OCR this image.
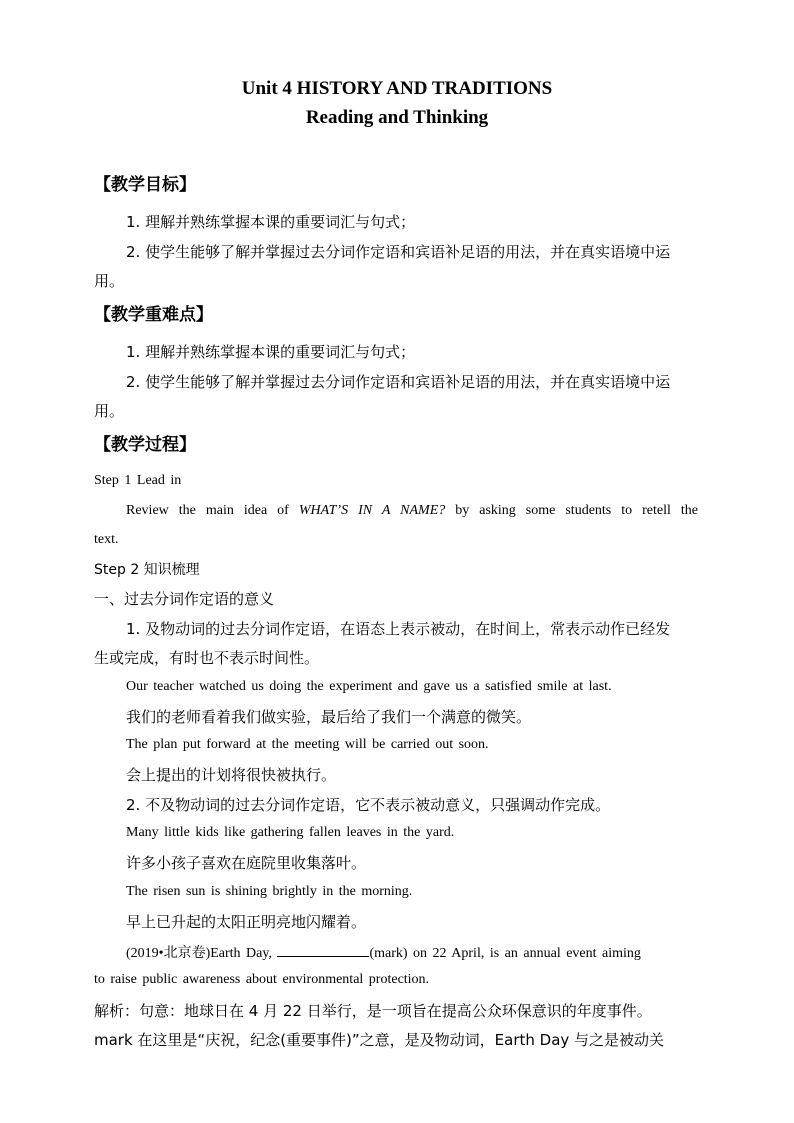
Unit 4 HISTORY AND TRADITIONS
Reading and Thinking
【教学目标】
1. 理解并熟练掌握本课的重要词汇与句式；
2. 使学生能够了解并掌握过去分词作定语和宾语补足语的用法，并在真实语境中运
用。
【教学重难点】
1. 理解并熟练掌握本课的重要词汇与句式；
2. 使学生能够了解并掌握过去分词作定语和宾语补足语的用法，并在真实语境中运
用。
【教学过程】
Step 1 Lead in
Review the main idea of WHAT’S IN A NAME? by asking some students to retell the
text.
Step 2 知识梳理
一、过去分词作定语的意义
1. 及物动词的过去分词作定语，在语态上表示被动，在时间上，常表示动作已经发
生或完成，有时也不表示时间性。
Our teacher watched us doing the experiment and gave us a satisfied smile at last.
我们的老师看着我们做实验，最后给了我们一个满意的微笑。
The plan put forward at the meeting will be carried out soon.
会上提出的计划将很快被执行。
2. 不及物动词的过去分词作定语，它不表示被动意义，只强调动作完成。
Many little kids like gathering fallen leaves in the yard.
许多小孩子喜欢在庭院里收集落叶。
The risen sun is shining brightly in the morning.
早上已升起的太阳正明亮地闪耀着。
(2019•北京卷)Earth Day,	(mark) on 22 April, is an annual event aiming
to raise public awareness about environmental protection.
解析：句意：地球日在 4 月 22 日举行，是一项旨在提高公众环保意识的年度事件。
mark 在这里是“庆祝，纪念(重要事件)”之意，是及物动词，Earth Day 与之是被动关
